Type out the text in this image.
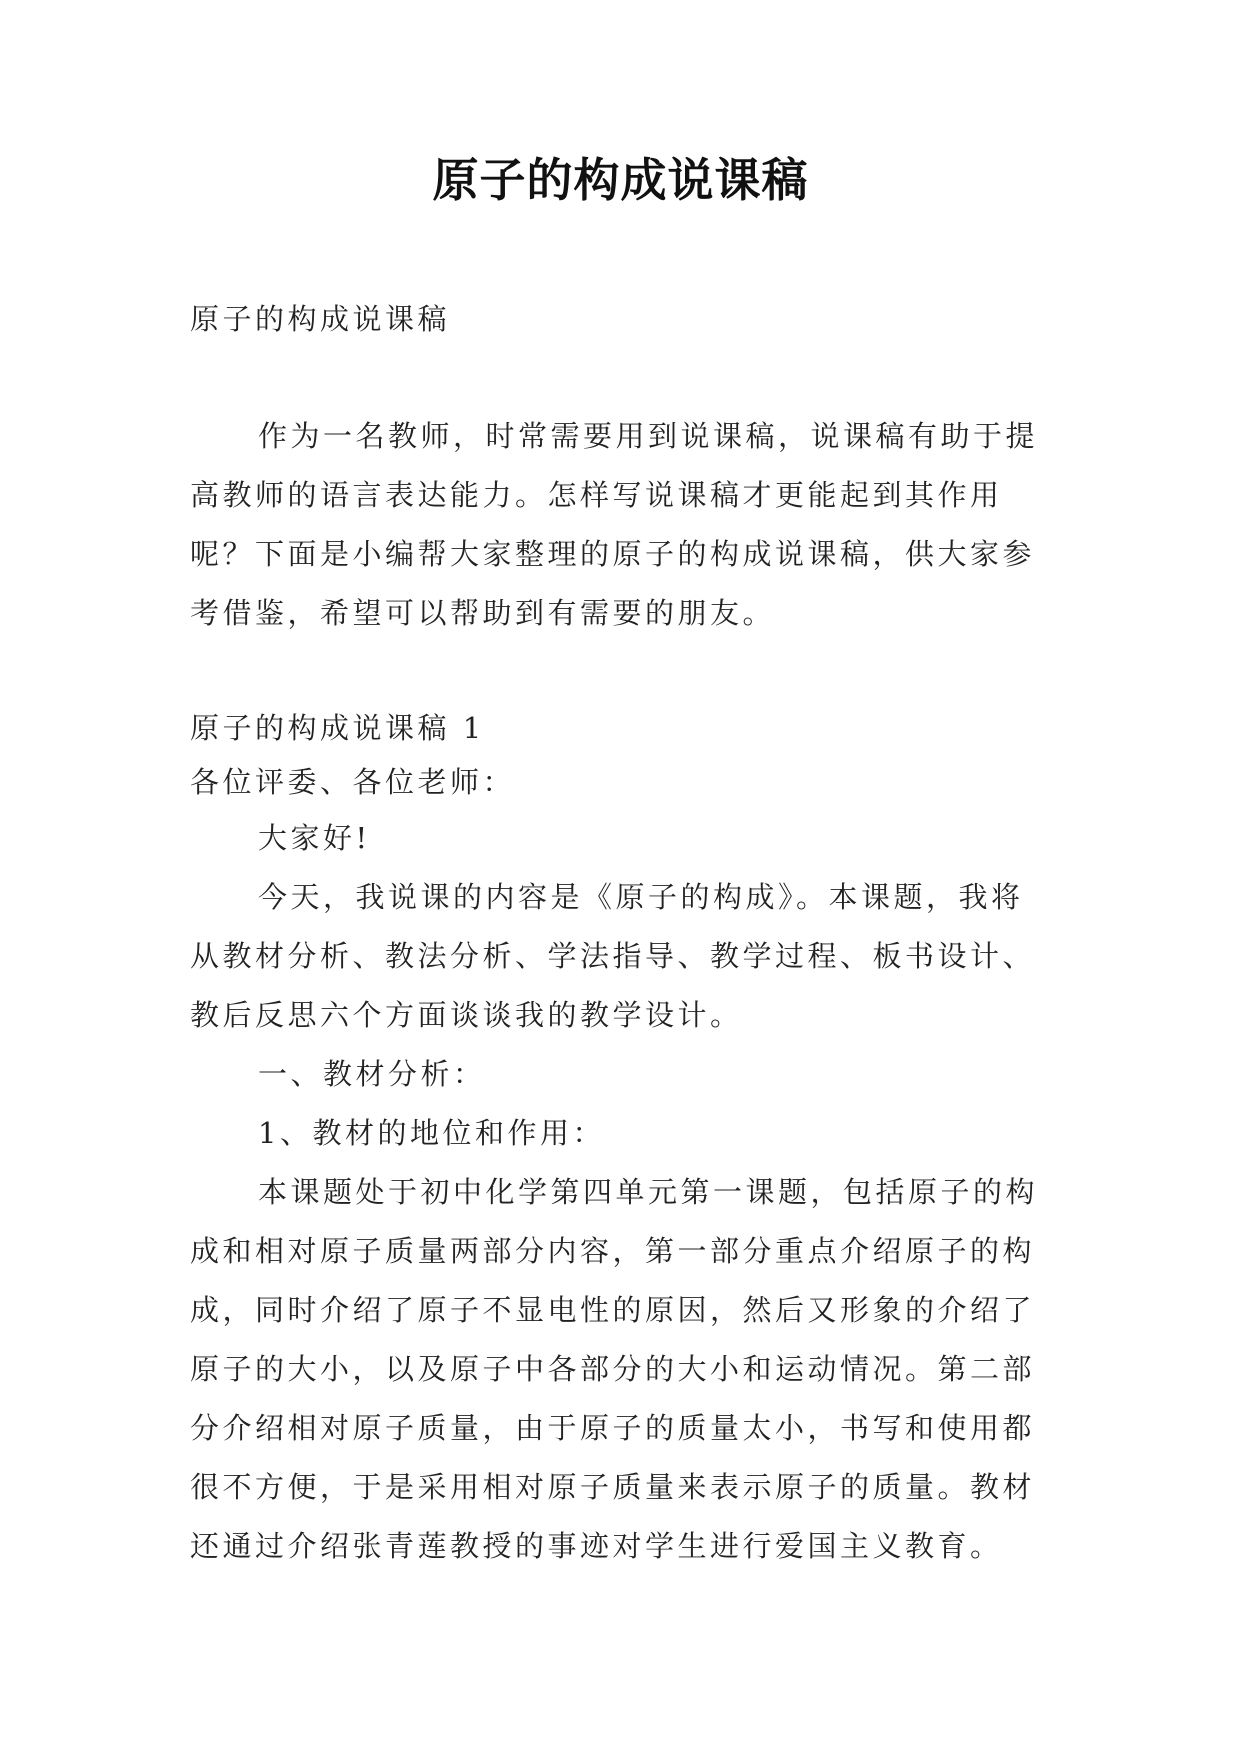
原子的构成说课稿
原子的构成说课稿
作为一名教师，时常需要用到说课稿，说课稿有助于提
高教师的语言表达能力。怎样写说课稿才更能起到其作用
呢？下面是小编帮大家整理的原子的构成说课稿，供大家参
考借鉴，希望可以帮助到有需要的朋友。
原子的构成说课稿 1
各位评委、各位老师：
大家好!
今天，我说课的内容是《原子的构成》。本课题，我将
从教材分析、教法分析、学法指导、教学过程、板书设计、
教后反思六个方面谈谈我的教学设计。
一、教材分析：
1、教材的地位和作用：
本课题处于初中化学第四单元第一课题，包括原子的构
成和相对原子质量两部分内容，第一部分重点介绍原子的构
成，同时介绍了原子不显电性的原因，然后又形象的介绍了
原子的大小，以及原子中各部分的大小和运动情况。第二部
分介绍相对原子质量，由于原子的质量太小，书写和使用都
很不方便，于是采用相对原子质量来表示原子的质量。教材
还通过介绍张青莲教授的事迹对学生进行爱国主义教育。
